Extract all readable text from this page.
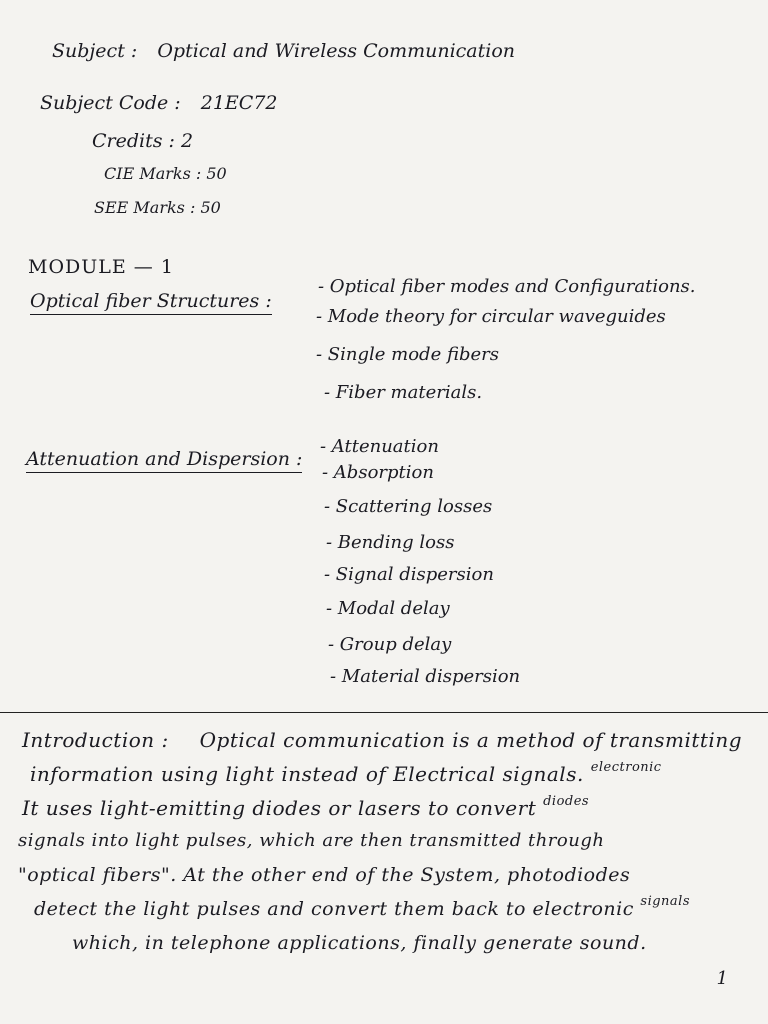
Subject : Optical and Wireless Communication
Subject Code : 21EC72
Credits : 2
CIE Marks : 50
SEE Marks : 50
MODULE — 1
Optical fiber Structures :
- Optical fiber modes and Configurations.
- Mode theory for circular waveguides
- Single mode fibers
- Fiber materials.
Attenuation and Dispersion :
- Attenuation
- Absorption
- Scattering losses
- Bending loss
- Signal dispersion
- Modal delay
- Group delay
- Material dispersion
Introduction : Optical communication is a method of transmitting
information using light instead of Electrical signals. $^{electronic}$
It uses light-emitting diodes or lasers to convert $^{diodes}$
signals into light pulses, which are then transmitted through
"optical fibers". At the other end of the System, photodiodes
detect the light pulses and convert them back to electronic $^{signals}$
which, in telephone applications, finally generate sound.
1
